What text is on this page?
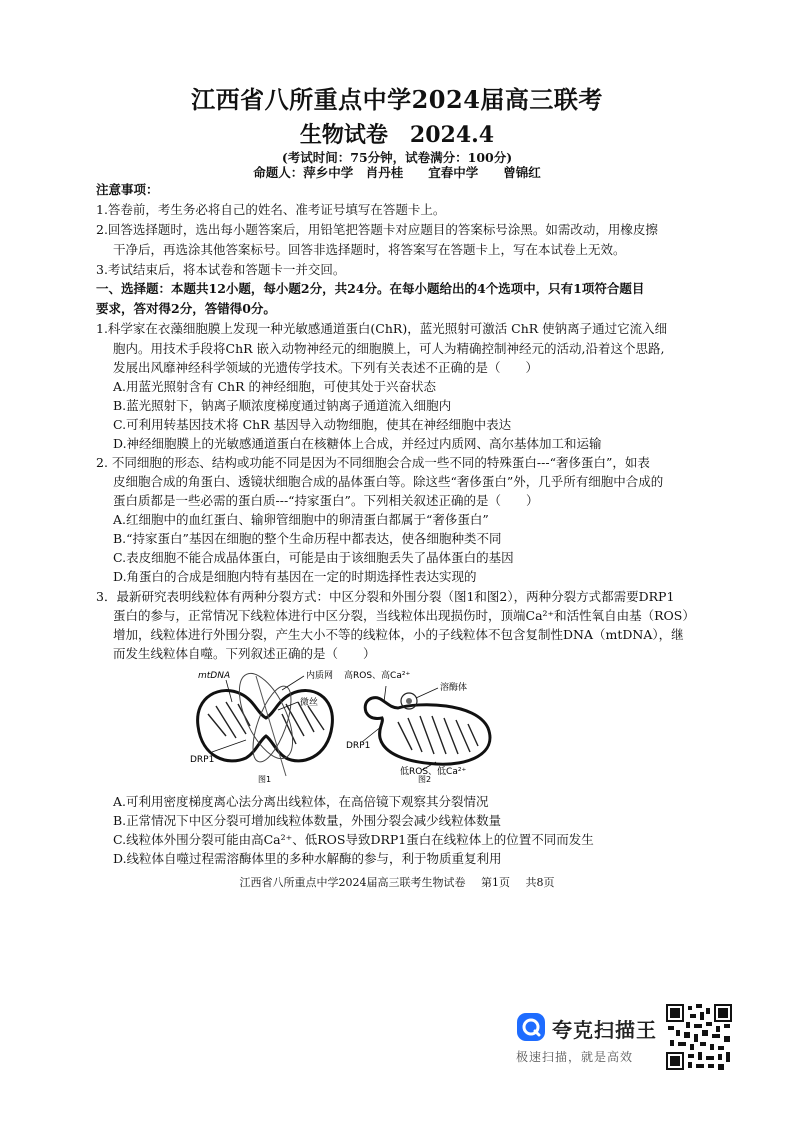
江西省八所重点中学2024届高三联考
生物试卷　2024.4
(考试时间：75分钟，试卷满分：100分)
命题人：萍乡中学　肖丹桂　　宜春中学　　曾锦红
注意事项：
1.答卷前，考生务必将自己的姓名、准考证号填写在答题卡上。
2.回答选择题时，选出每小题答案后，用铅笔把答题卡对应题目的答案标号涂黑。如需改动，用橡皮擦
干净后，再选涂其他答案标号。回答非选择题时，将答案写在答题卡上，写在本试卷上无效。
3.考试结束后，将本试卷和答题卡一并交回。
一、选择题：本题共12小题，每小题2分，共24分。在每小题给出的4个选项中，只有1项符合题目
要求，答对得2分，答错得0分。
1.科学家在衣藻细胞膜上发现一种光敏感通道蛋白(ChR)，蓝光照射可激活 ChR 使钠离子通过它流入细
胞内。用技术手段将ChR 嵌入动物神经元的细胞膜上，可人为精确控制神经元的活动,沿着这个思路,
发展出风靡神经科学领域的光遗传学技术。下列有关表述不正确的是（　　）
A.用蓝光照射含有 ChR 的神经细胞，可使其处于兴奋状态
B.蓝光照射下，钠离子顺浓度梯度通过钠离子通道流入细胞内
C.可利用转基因技术将 ChR 基因导入动物细胞，使其在神经细胞中表达
D.神经细胞膜上的光敏感通道蛋白在核糖体上合成，并经过内质网、高尔基体加工和运输
2. 不同细胞的形态、结构或功能不同是因为不同细胞会合成一些不同的特殊蛋白---“奢侈蛋白”，如表
皮细胞合成的角蛋白、透镜状细胞合成的晶体蛋白等。除这些“奢侈蛋白”外，几乎所有细胞中合成的
蛋白质都是一些必需的蛋白质---“持家蛋白”。下列相关叙述正确的是（　　）
A.红细胞中的血红蛋白、输卵管细胞中的卵清蛋白都属于“奢侈蛋白”
B.“持家蛋白”基因在细胞的整个生命历程中都表达，使各细胞种类不同
C.表皮细胞不能合成晶体蛋白，可能是由于该细胞丢失了晶体蛋白的基因
D.角蛋白的合成是细胞内特有基因在一定的时期选择性表达实现的
3．最新研究表明线粒体有两种分裂方式：中区分裂和外围分裂（图1和图2），两种分裂方式都需要DRP1
蛋白的参与，正常情况下线粒体进行中区分裂，当线粒体出现损伤时，顶端Ca²⁺和活性氧自由基（ROS）
增加，线粒体进行外围分裂，产生大小不等的线粒体，小的子线粒体不包含复制性DNA（mtDNA），继
而发生线粒体自噬。下列叙述正确的是（　　）
mtDNA	内质网
微丝
DRP1
图1
高ROS、高Ca²⁺
溶酶体
DRP1
低ROS、低Ca²⁺
图2
A.可利用密度梯度离心法分离出线粒体，在高倍镜下观察其分裂情况
B.正常情况下中区分裂可增加线粒体数量，外围分裂会减少线粒体数量
C.线粒体外围分裂可能由高Ca²⁺、低ROS导致DRP1蛋白在线粒体上的位置不同而发生
D.线粒体自噬过程需溶酶体里的多种水解酶的参与，利于物质重复利用
江西省八所重点中学2024届高三联考生物试卷 第1页 共8页
夸克扫描王
极速扫描，就是高效
